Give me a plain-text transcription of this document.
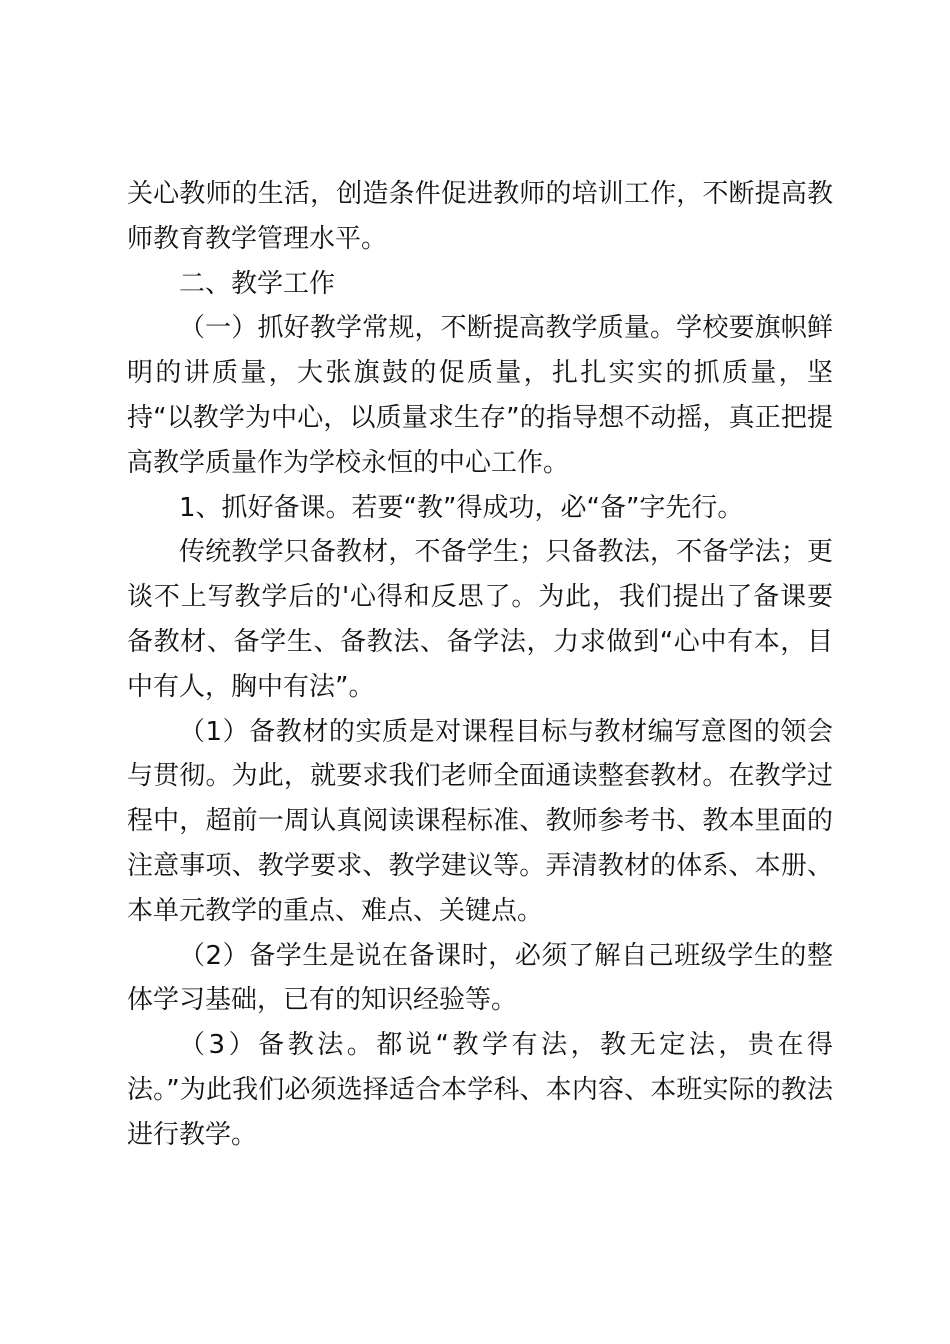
关心教师的生活，创造条件促进教师的培训工作，不断提高教师教育教学管理水平。

二、教学工作

（一）抓好教学常规，不断提高教学质量。学校要旗帜鲜明的讲质量，大张旗鼓的促质量，扎扎实实的抓质量，坚持“以教学为中心，以质量求生存”的指导想不动摇，真正把提高教学质量作为学校永恒的中心工作。

1、抓好备课。若要“教”得成功，必“备”字先行。

传统教学只备教材，不备学生；只备教法，不备学法；更谈不上写教学后的'心得和反思了。为此，我们提出了备课要备教材、备学生、备教法、备学法，力求做到“心中有本，目中有人，胸中有法”。

（1）备教材的实质是对课程目标与教材编写意图的领会与贯彻。为此，就要求我们老师全面通读整套教材。在教学过程中，超前一周认真阅读课程标准、教师参考书、教本里面的注意事项、教学要求、教学建议等。弄清教材的体系、本册、本单元教学的重点、难点、关键点。

（2）备学生是说在备课时，必须了解自己班级学生的整体学习基础，已有的知识经验等。

（3）备教法。都说“教学有法，教无定法，贵在得法。”为此我们必须选择适合本学科、本内容、本班实际的教法进行教学。
